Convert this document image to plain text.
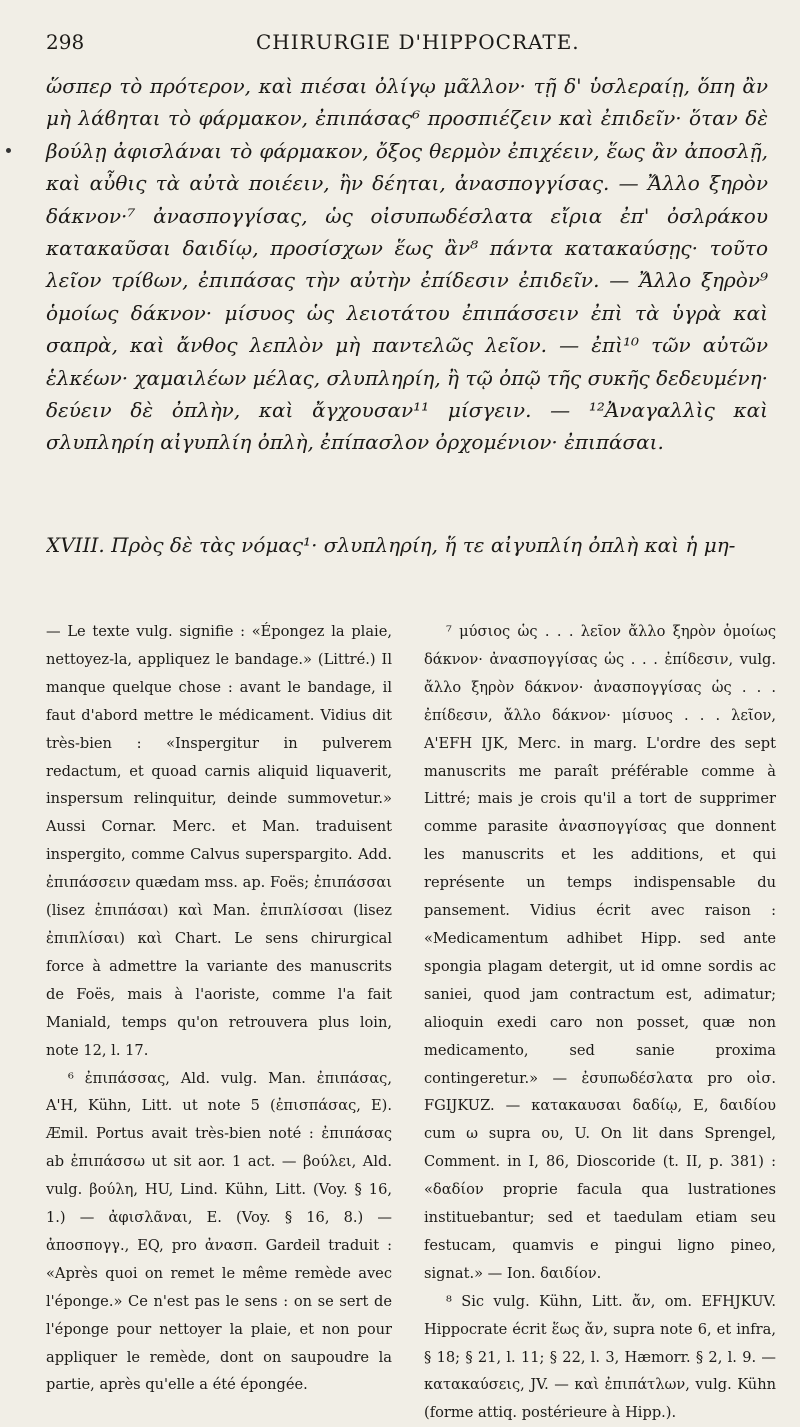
298	CHIRURGIE D'HIPPOCRATE.

ὥσπερ τὸ πρότερον, καὶ πιέσαι ὀλίγῳ μᾶλλον· τῇ δ' ὑσλεραίῃ, ὅπη ἂν μὴ λάϐηται τὸ φάρμακον, ἐπιπάσας⁶ προσπιέζειν καὶ ἐπιδεῖν· ὅταν δὲ βούλῃ ἀφισλάναι τὸ φάρμακον, ὄξος θερμὸν ἐπιχέειν, ἕως ἂν ἀποσλῇ, καὶ αὖθις τὰ αὐτὰ ποιέειν, ἢν δέηται, ἀνασπογγίσας. — Ἄλλο ξηρὸν δάκνον·⁷ ἀνασπογγίσας, ὡς οἰσυπωδέσλατα εἴρια ἐπ' ὀσλράκου κατακαῦσαι δαιδίῳ, προσίσχων ἕως ἂν⁸ πάντα κατακαύσῃς· τοῦτο λεῖον τρίϐων, ἐπιπάσας τὴν αὐτὴν ἐπίδεσιν ἐπιδεῖν. — Ἄλλο ξηρὸν⁹ ὁμοίως δάκνον· μίσυος ὡς λειοτάτου ἐπιπάσσειν ἐπὶ τὰ ὑγρὰ καὶ σαπρὰ, καὶ ἄνθος λεπλὸν μὴ παντελῶς λεῖον. — ἐπὶ¹⁰ τῶν αὐτῶν ἑλκέων· χαμαιλέων μέλας, σλυπληρίη, ἢ τῷ ὀπῷ τῆς συκῆς δεδευμένη· δεύειν δὲ ὀπλὴν, καὶ ἄγχουσαν¹¹ μίσγειν. — ¹²Ἀναγαλλὶς καὶ σλυπληρίη αἰγυπλίη ὀπλὴ, ἐπίπασλον ὀρχομένιον· ἐπιπάσαι.

XVIII. Πρὸς δὲ τὰς νόμας¹· σλυπληρίη, ἥ τε αἰγυπλίη ὀπλὴ καὶ ἡ μη-

— Le texte vulg. signifie : «Épongez la plaie, nettoyez-la, appliquez le bandage.» (Littré.) Il manque quelque chose : avant le bandage, il faut d'abord mettre le médicament. Vidius dit très-bien : «Inspergitur in pulverem redactum, et quoad carnis aliquid liquaverit, inspersum relinquitur, deinde summovetur.» Aussi Cornar. Merc. et Man. traduisent inspergito, comme Calvus superspargito. Add. ἐπιπάσσειν quædam mss. ap. Foës; ἐπιπάσσαι (lisez ἐπιπάσαι) καὶ Man. ἐπιπλίσσαι (lisez ἐπιπλίσαι) καὶ Chart. Le sens chirurgical force à admettre la variante des manuscrits de Foës, mais à l'aoriste, comme l'a fait Maniald, temps qu'on retrouvera plus loin, note 12, l. 17.

⁶ ἐπιπάσσας, Ald. vulg. Man. ἐπιπάσας, A'H, Kühn, Litt. ut note 5 (ἐπισπάσας, E). Æmil. Portus avait très-bien noté : ἐπιπάσας ab ἐπιπάσσω ut sit aor. 1 act. — βούλει, Ald. vulg. βούλη, HU, Lind. Kühn, Litt. (Voy. § 16, 1.) — ἀφισλᾶναι, E. (Voy. § 16, 8.) — ἀποσπογγ., EQ, pro ἀνασπ. Gardeil traduit : «Après quoi on remet le même remède avec l'éponge.» Ce n'est pas le sens : on se sert de l'éponge pour nettoyer la plaie, et non pour appliquer le remède, dont on saupoudre la partie, après qu'elle a été épongée.

⁷ μύσιος ὡς . . . λεῖον ἄλλο ξηρὸν ὁμοίως δάκνον· ἀνασπογγίσας ὡς . . . ἐπίδεσιν, vulg. ἄλλο ξηρὸν δάκνον· ἀνασπογγίσας ὡς . . . ἐπίδεσιν, ἄλλο δάκνον· μίσυος . . . λεῖον, A'EFH IJK, Merc. in marg. L'ordre des sept manuscrits me paraît préférable comme à Littré; mais je crois qu'il a tort de supprimer comme parasite ἀνασπογγίσας que donnent les manuscrits et les additions, et qui représente un temps indispensable du pansement. Vidius écrit avec raison : «Medicamentum adhibet Hipp. sed ante spongia plagam detergit, ut id omne sordis ac saniei, quod jam contractum est, adimatur; alioquin exedi caro non posset, quæ non medicamento, sed sanie proxima contingeretur.» — ἐσυπωδέσλατα pro οἰσ. FGIJKUZ. — κατακαυσαι δαδίῳ, E, δαιδίου cum ω supra ου, U. On lit dans Sprengel, Comment. in I, 86, Dioscoride (t. II, p. 381) : «δαδίον proprie facula qua lustrationes instituebantur; sed et taedulam etiam seu festucam, quamvis e pingui ligno pineo, signat.» — Ion. δαιδίον.

⁸ Sic vulg. Kühn, Litt. ἄν, om. EFHJKUV. Hippocrate écrit ἕως ἄν, supra note 6, et infra, § 18; § 21, l. 11; § 22, l. 3, Hæmorr. § 2, l. 9. — κατακαύσεις, JV. — καὶ ἐπιπάτλων, vulg. Kühn (forme attiq. postérieure à Hipp.).
